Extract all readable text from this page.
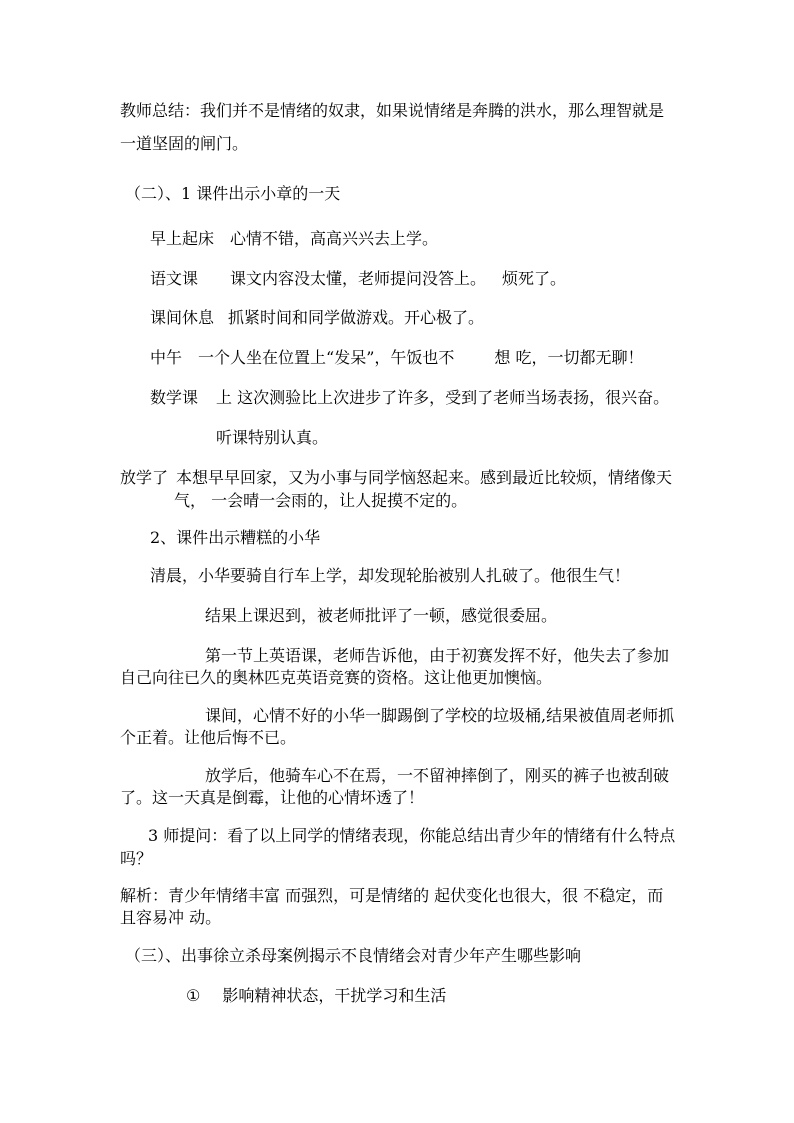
教师总结：我们并不是情绪的奴隶，如果说情绪是奔腾的洪水，那么理智就是
一道坚固的闸门。
（二）、1 课件出示小章的一天
早上起床 心情不错，高高兴兴去上学。
语文课 课文内容没太懂，老师提问没答上。 烦死了。
课间休息 抓紧时间和同学做游戏。开心极了。
中午 一个人坐在位置上“发呆”，午饭也不	想 吃，一切都无聊！
数学课 上 这次测验比上次进步了许多，受到了老师当场表扬，很兴奋。
听课特别认真。
放学了 本想早早回家，又为小事与同学恼怒起来。感到最近比较烦，情绪像天
气， 一会晴一会雨的，让人捉摸不定的。
2、课件出示糟糕的小华
清晨，小华要骑自行车上学，却发现轮胎被别人扎破了。他很生气！
结果上课迟到，被老师批评了一顿，感觉很委屈。
第一节上英语课，老师告诉他，由于初赛发挥不好，他失去了参加
自己向往已久的奥林匹克英语竞赛的资格。这让他更加懊恼。
课间，心情不好的小华一脚踢倒了学校的垃圾桶,结果被值周老师抓
个正着。让他后悔不已。
放学后，他骑车心不在焉，一不留神摔倒了，刚买的裤子也被刮破
了。这一天真是倒霉，让他的心情坏透了！
3 师提问：看了以上同学的情绪表现，你能总结出青少年的情绪有什么特点
吗？
解析：青少年情绪丰富 而强烈，可是情绪的 起伏变化也很大，很 不稳定，而
且容易冲 动。
（三）、出事徐立杀母案例揭示不良情绪会对青少年产生哪些影响
① 影响精神状态，干扰学习和生活
